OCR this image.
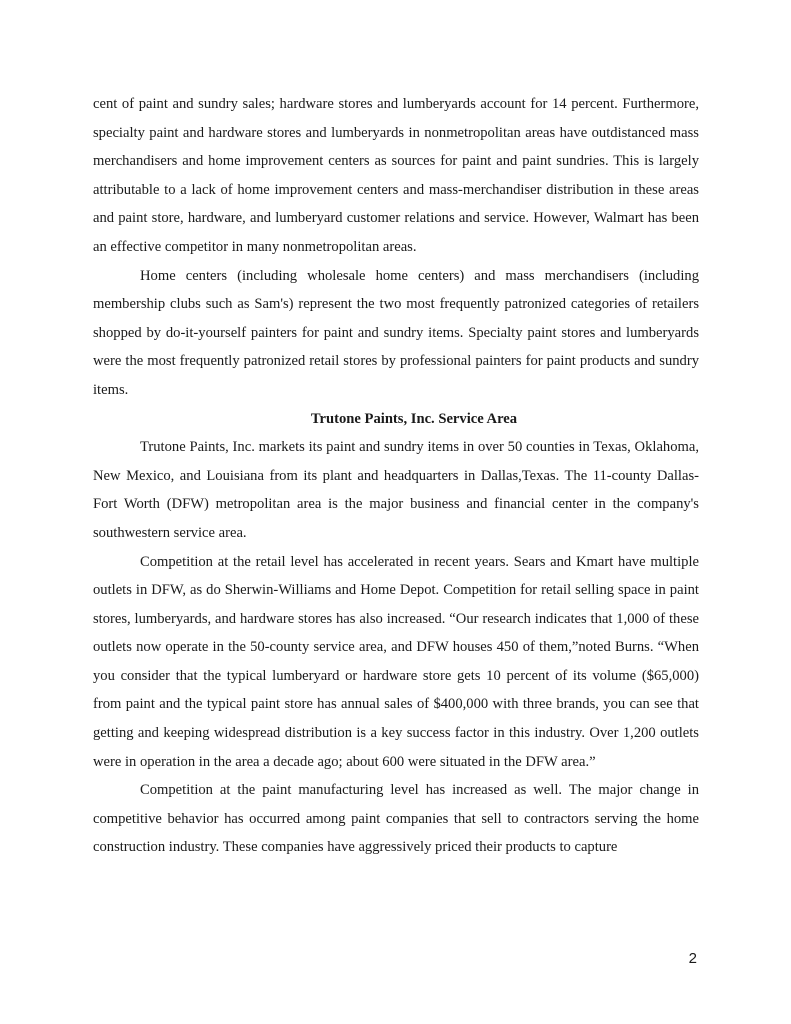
cent of paint and sundry sales; hardware stores and lumberyards account for 14 percent. Furthermore, specialty paint and hardware stores and lumberyards in nonmetropolitan areas have outdistanced mass merchandisers and home improvement centers as sources for paint and paint sundries. This is largely attributable to a lack of home improvement centers and mass-merchandiser distribution in these areas and paint store, hardware, and lumberyard customer relations and service. However, Walmart has been an effective competitor in many nonmetropolitan areas.

Home centers (including wholesale home centers) and mass merchandisers (including membership clubs such as Sam's) represent the two most frequently patronized categories of retailers shopped by do-it-yourself painters for paint and sundry items. Specialty paint stores and lumberyards were the most frequently patronized retail stores by professional painters for paint products and sundry items.

Trutone Paints, Inc. Service Area

Trutone Paints, Inc. markets its paint and sundry items in over 50 counties in Texas, Oklahoma, New Mexico, and Louisiana from its plant and headquarters in Dallas,Texas. The 11-county Dallas-Fort Worth (DFW) metropolitan area is the major business and financial center in the company's southwestern service area.

Competition at the retail level has accelerated in recent years. Sears and Kmart have multiple outlets in DFW, as do Sherwin-Williams and Home Depot. Competition for retail selling space in paint stores, lumberyards, and hardware stores has also increased. “Our research indicates that 1,000 of these outlets now operate in the 50-county service area, and DFW houses 450 of them,”noted Burns. “When you consider that the typical lumberyard or hardware store gets 10 percent of its volume ($65,000) from paint and the typical paint store has annual sales of $400,000 with three brands, you can see that getting and keeping widespread distribution is a key success factor in this industry. Over 1,200 outlets were in operation in the area a decade ago; about 600 were situated in the DFW area.”

Competition at the paint manufacturing level has increased as well. The major change in competitive behavior has occurred among paint companies that sell to contractors serving the home construction industry. These companies have aggressively priced their products to capture

2
